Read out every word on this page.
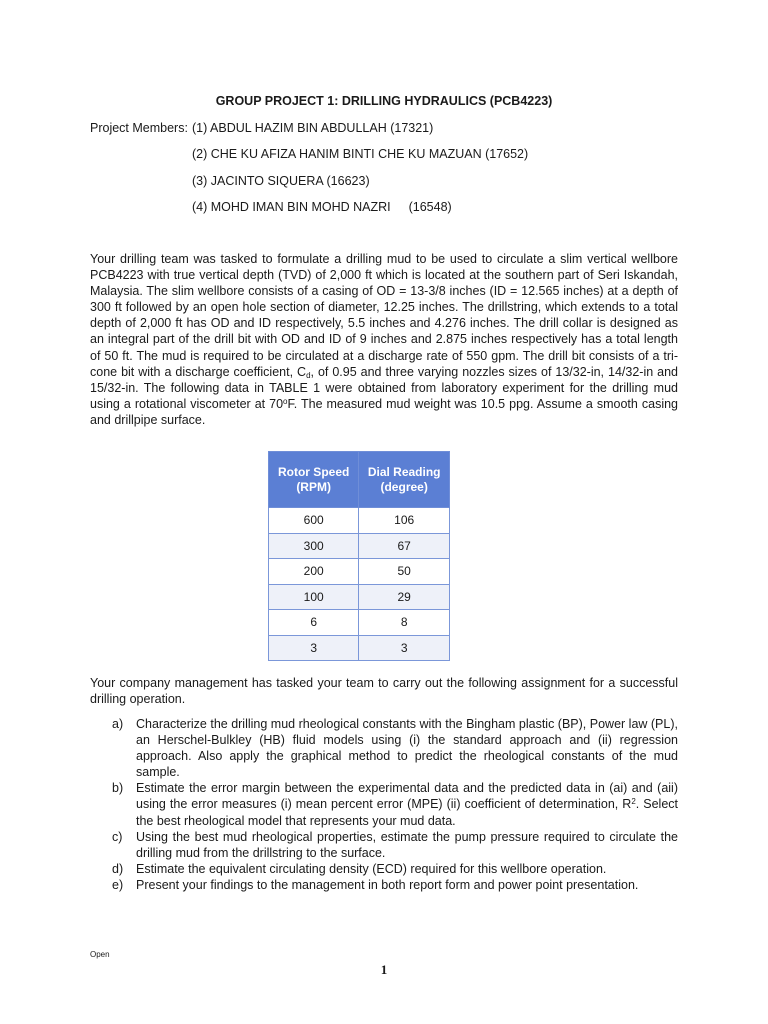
GROUP PROJECT 1: DRILLING HYDRAULICS (PCB4223)
Project Members: (1) ABDUL HAZIM BIN ABDULLAH (17321)
(2) CHE KU AFIZA HANIM BINTI CHE KU MAZUAN (17652)
(3) JACINTO SIQUERA (16623)
(4) MOHD IMAN BIN MOHD NAZRI (16548)
Your drilling team was tasked to formulate a drilling mud to be used to circulate a slim vertical wellbore PCB4223 with true vertical depth (TVD) of 2,000 ft which is located at the southern part of Seri Iskandah, Malaysia. The slim wellbore consists of a casing of OD = 13-3/8 inches (ID = 12.565 inches) at a depth of 300 ft followed by an open hole section of diameter, 12.25 inches. The drillstring, which extends to a total depth of 2,000 ft has OD and ID respectively, 5.5 inches and 4.276 inches. The drill collar is designed as an integral part of the drill bit with OD and ID of 9 inches and 2.875 inches respectively has a total length of 50 ft. The mud is required to be circulated at a discharge rate of 550 gpm. The drill bit consists of a tri-cone bit with a discharge coefficient, $C_d$, of 0.95 and three varying nozzles sizes of 13/32-in, 14/32-in and 15/32-in. The following data in TABLE 1 were obtained from laboratory experiment for the drilling mud using a rotational viscometer at 70$^o$F. The measured mud weight was 10.5 ppg. Assume a smooth casing and drillpipe surface.
Rotor Speed (RPM)	Dial Reading (degree)
600	106
300	67
200	50
100	29
6	8
3	3
Your company management has tasked your team to carry out the following assignment for a successful drilling operation.
a) Characterize the drilling mud rheological constants with the Bingham plastic (BP), Power law (PL), an Herschel-Bulkley (HB) fluid models using (i) the standard approach and (ii) regression approach. Also apply the graphical method to predict the rheological constants of the mud sample.
b) Estimate the error margin between the experimental data and the predicted data in (ai) and (aii) using the error measures (i) mean percent error (MPE) (ii) coefficient of determination, $R^2$. Select the best rheological model that represents your mud data.
c) Using the best mud rheological properties, estimate the pump pressure required to circulate the drilling mud from the drillstring to the surface.
d) Estimate the equivalent circulating density (ECD) required for this wellbore operation.
e) Present your findings to the management in both report form and power point presentation.
Open
1
